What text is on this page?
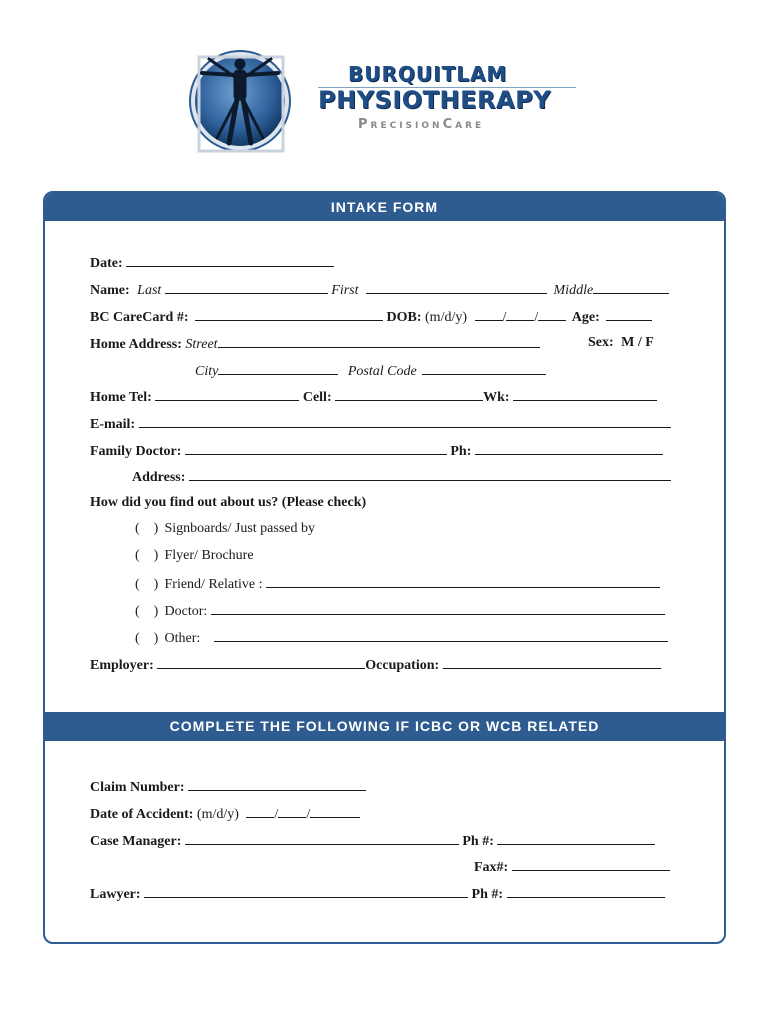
BURQUITLAM
PHYSIOTHERAPY
PrecisionCare
INTAKE FORM
Date:
Name: Last	First	Middle
BC CareCard #:	DOB: (m/d/y)	/ / Age:
Home Address: Street	Sex: M / F
City	Postal Code
Home Tel:	Cell:	Wk:
E-mail:
Family Doctor:	Ph:
Address:
How did you find out about us? (Please check)
(    ) Signboards/ Just passed by
(    ) Flyer/ Brochure
(    ) Friend/ Relative :
(    ) Doctor:
(    ) Other:
Employer:	Occupation:
COMPLETE THE FOLLOWING IF ICBC OR WCB RELATED
Claim Number:
Date of Accident: (m/d/y)	/ /
Case Manager:	Ph #:
Fax#:
Lawyer:	Ph #:
